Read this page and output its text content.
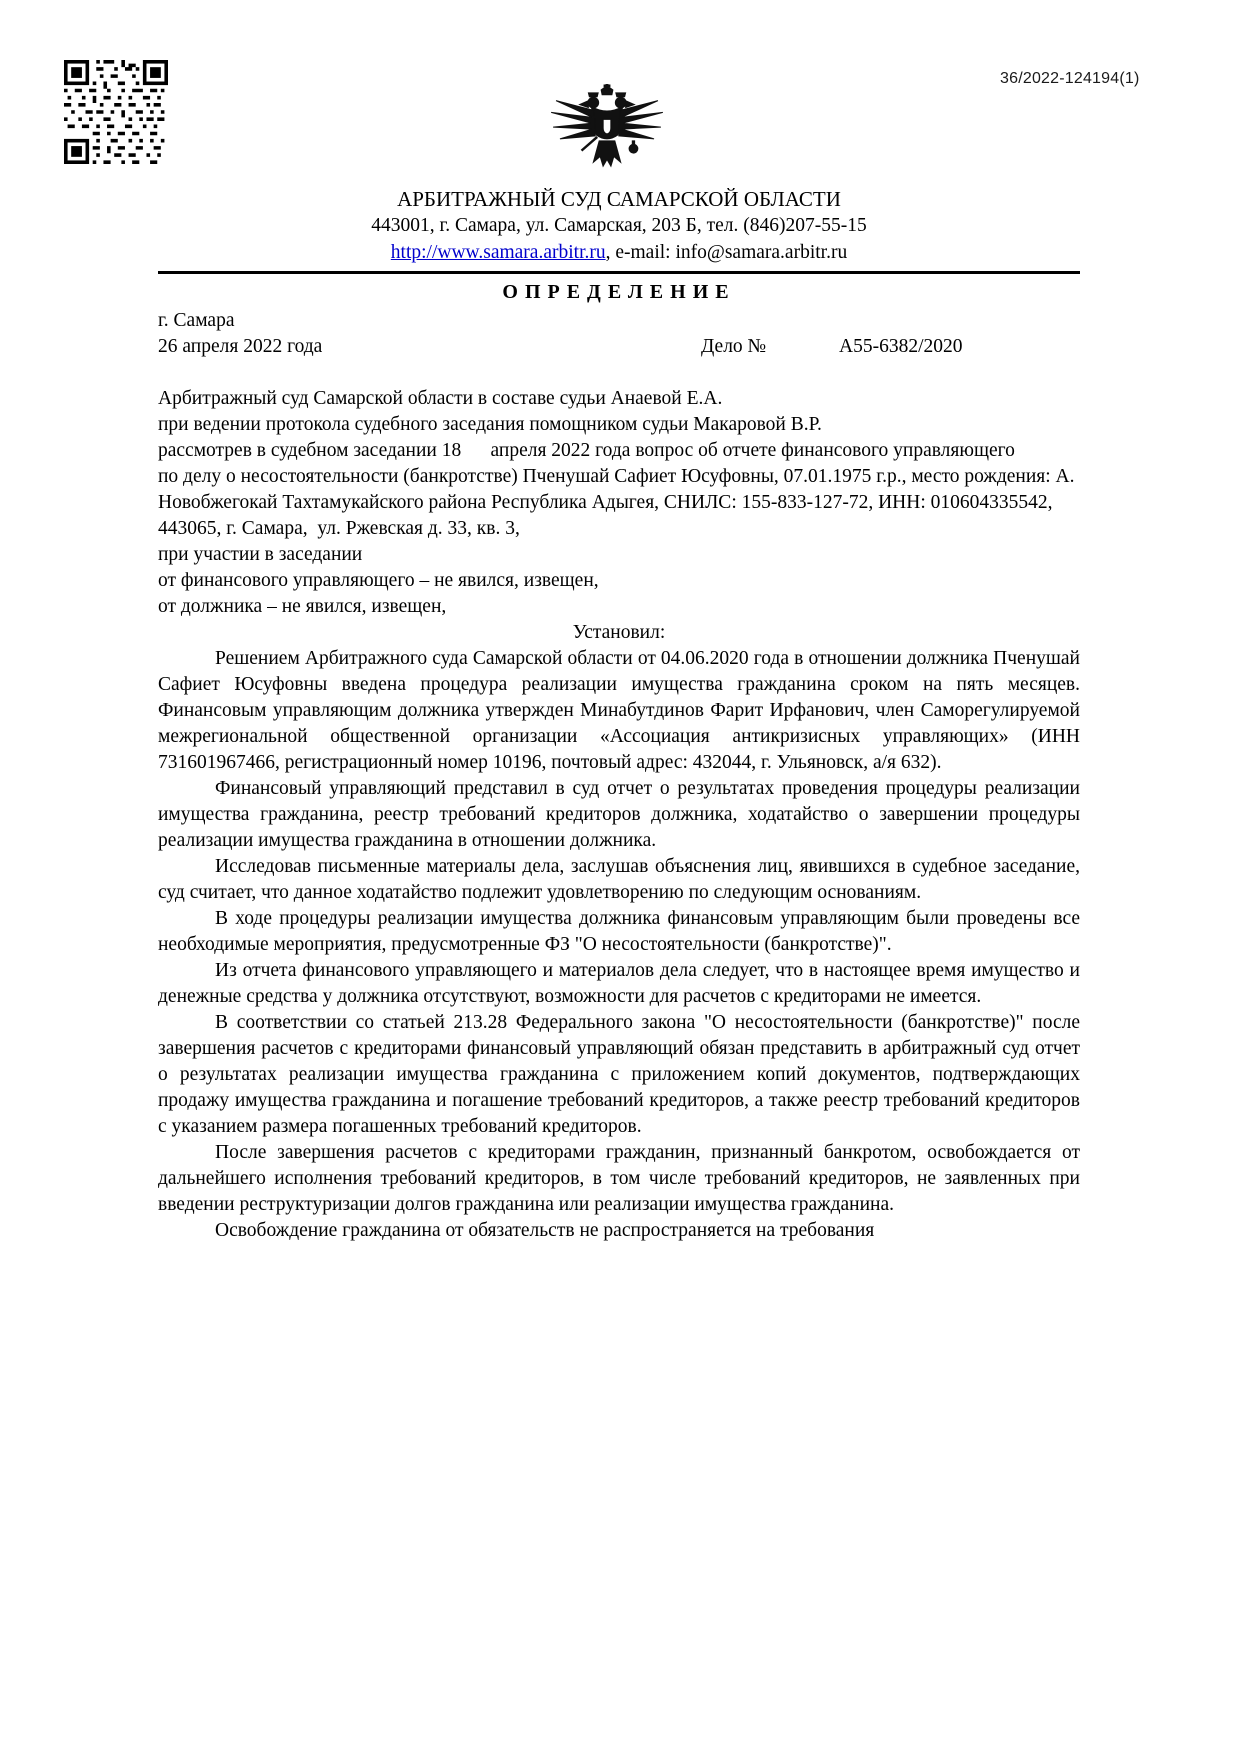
36/2022-124194(1)
АРБИТРАЖНЫЙ СУД САМАРСКОЙ ОБЛАСТИ
443001, г. Самара, ул. Самарская, 203 Б, тел. (846)207-55-15
http://www.samara.arbitr.ru, e-mail: info@samara.arbitr.ru
ОПРЕДЕЛЕНИЕ
г. Самара
26 апреля 2022 года	Дело №	А55-6382/2020
Арбитражный суд Самарской области в составе судьи Анаевой Е.А.
при ведении протокола судебного заседания помощником судьи Макаровой В.Р.
рассмотрев в судебном заседании 18      апреля 2022 года вопрос об отчете финансового управляющего
по делу о несостоятельности (банкротстве) Пченушай Сафиет Юсуфовны, 07.01.1975 г.р., место рождения: А. Новобжегокай Тахтамукайского района Республика Адыгея, СНИЛС: 155-833-127-72, ИНН: 010604335542, 443065, г. Самара,  ул. Ржевская д. 33, кв. 3,
при участии в заседании
от финансового управляющего – не явился, извещен,
от должника – не явился, извещен,
Установил:
Решением Арбитражного суда Самарской области от 04.06.2020 года в отношении должника Пченушай Сафиет Юсуфовны введена процедура реализации имущества гражданина сроком на пять месяцев. Финансовым управляющим должника утвержден Минабутдинов Фарит Ирфанович, член Саморегулируемой межрегиональной общественной организации «Ассоциация антикризисных управляющих» (ИНН 731601967466, регистрационный номер 10196, почтовый адрес: 432044, г. Ульяновск, а/я 632).
Финансовый управляющий представил в суд отчет о результатах проведения процедуры реализации имущества гражданина, реестр требований кредиторов должника, ходатайство о завершении процедуры реализации имущества гражданина в отношении должника.
Исследовав письменные материалы дела, заслушав объяснения лиц, явившихся в судебное заседание, суд считает, что данное ходатайство подлежит удовлетворению по следующим основаниям.
В ходе процедуры реализации имущества должника финансовым управляющим были проведены все необходимые мероприятия, предусмотренные ФЗ "О несостоятельности (банкротстве)".
Из отчета финансового управляющего и материалов дела следует, что в настоящее время имущество и денежные средства у должника отсутствуют, возможности для расчетов с кредиторами не имеется.
В соответствии со статьей 213.28 Федерального закона "О несостоятельности (банкротстве)" после завершения расчетов с кредиторами финансовый управляющий обязан представить в арбитражный суд отчет о результатах реализации имущества гражданина с приложением копий документов, подтверждающих продажу имущества гражданина и погашение требований кредиторов, а также реестр требований кредиторов с указанием размера погашенных требований кредиторов.
После завершения расчетов с кредиторами гражданин, признанный банкротом, освобождается от дальнейшего исполнения требований кредиторов, в том числе требований кредиторов, не заявленных при введении реструктуризации долгов гражданина или реализации имущества гражданина.
Освобождение гражданина от обязательств не распространяется на требования
